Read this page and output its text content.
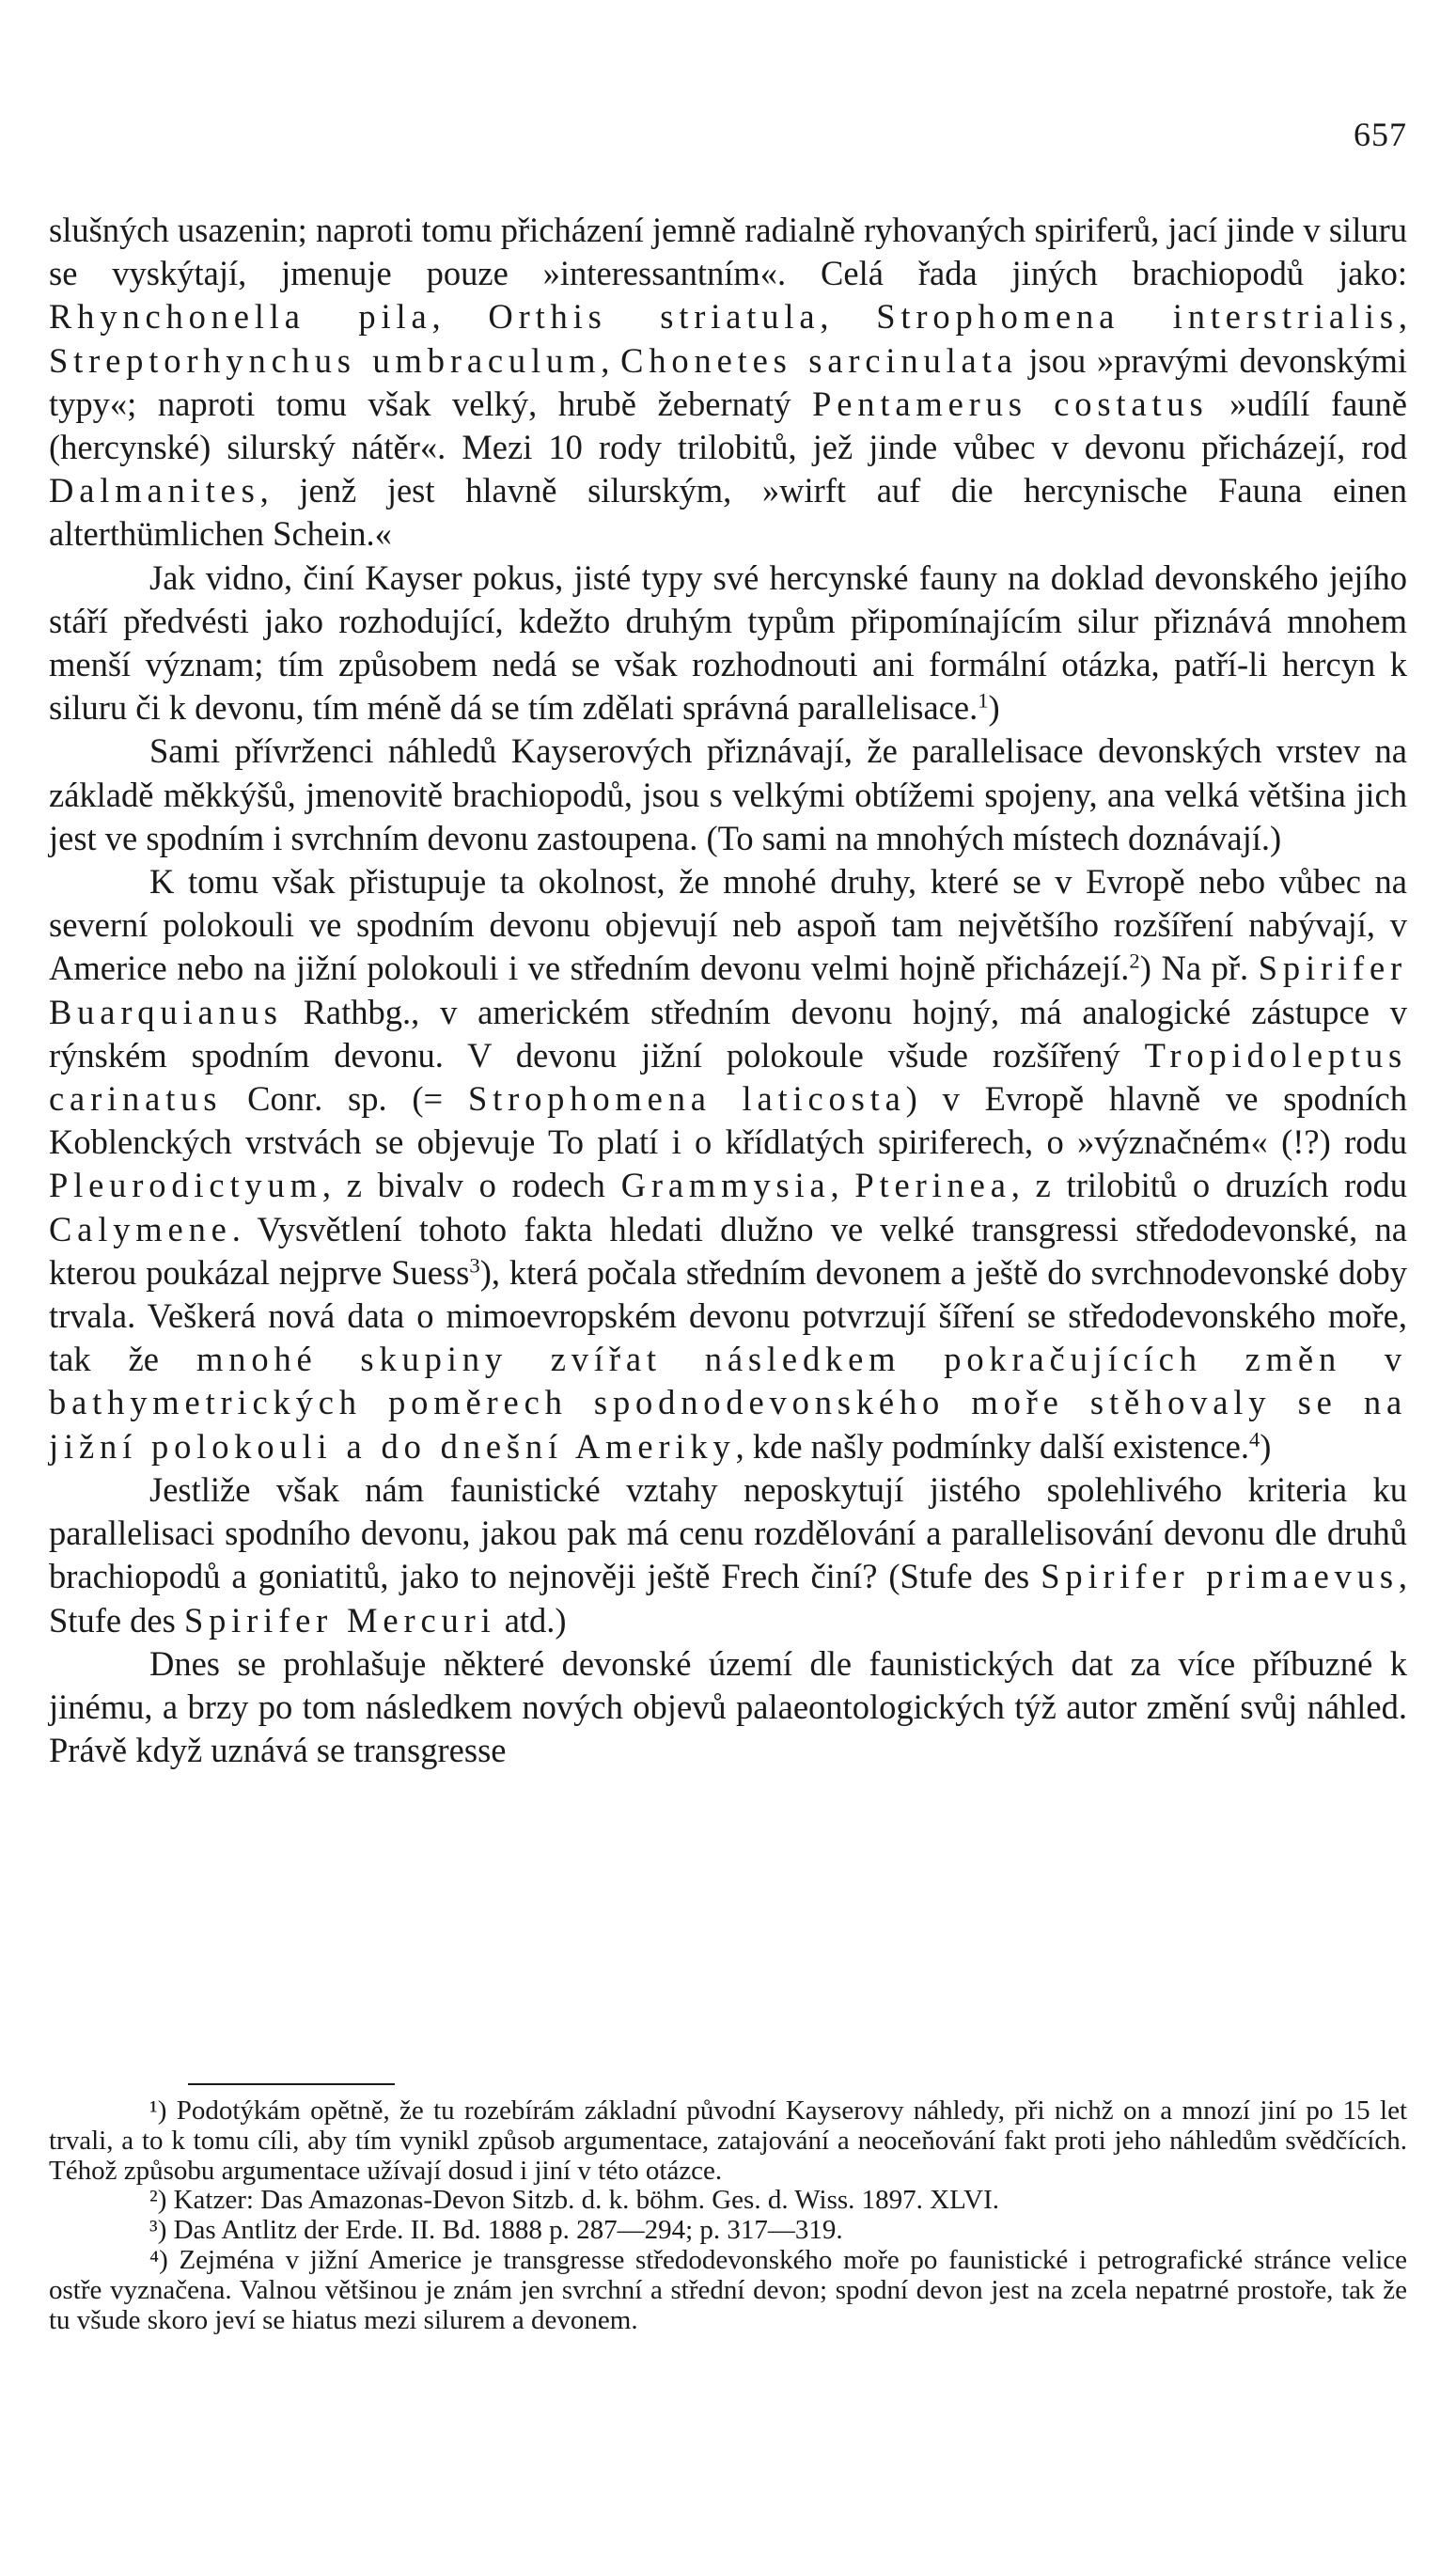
657

slušných usazenin; naproti tomu přicházení jemně radialně ryhovaných spiriferů, jací jinde v siluru se vyskýtají, jmenuje pouze »interessantním«. Celá řada jiných brachiopodů jako: Rhynchonella pila, Orthis striatula, Strophomena interstrialis, Streptorhynchus umbraculum, Chonetes sarcinulata jsou »pravými devonskými typy«; naproti tomu však velký, hrubě žebernatý Pentamerus costatus »udílí fauně (hercynské) silurský nátěr«. Mezi 10 rody trilobitů, jež jinde vůbec v devonu přicházejí, rod Dalmanites, jenž jest hlavně silurským, »wirft auf die hercynische Fauna einen alterthümlichen Schein.«

Jak vidno, činí Kayser pokus, jisté typy své hercynské fauny na doklad devonského jejího stáří předvésti jako rozhodující, kdežto druhým typům připomínajícím silur přiznává mnohem menší význam; tím způsobem nedá se však rozhodnouti ani formální otázka, patří-li hercyn k siluru či k devonu, tím méně dá se tím zdělati správná parallelisace.$^1$)

Sami přívrženci náhledů Kayserových přiznávají, že parallelisace devonských vrstev na základě měkkýšů, jmenovitě brachiopodů, jsou s velkými obtížemi spojeny, ana velká většina jich jest ve spodním i svrchním devonu zastoupena. (To sami na mnohých místech doznávají.)

K tomu však přistupuje ta okolnost, že mnohé druhy, které se v Evropě nebo vůbec na severní polokouli ve spodním devonu objevují neb aspoň tam největšího rozšíření nabývají, v Americe nebo na jižní polokouli i ve středním devonu velmi hojně přicházejí.$^2$) Na př. Spirifer Buarquianus Rathbg., v americkém středním devonu hojný, má analogické zástupce v rýnském spodním devonu. V devonu jižní polokoule všude rozšířený Tropidoleptus carinatus Conr. sp. (= Strophomena laticosta) v Evropě hlavně ve spodních Koblenckých vrstvách se objevuje To platí i o křídlatých spiriferech, o »význačném« (!?) rodu Pleurodictyum, z bivalv o rodech Grammysia, Pterinea, z trilobitů o druzích rodu Calymene. Vysvětlení tohoto fakta hledati dlužno ve velké transgressi středodevonské, na kterou poukázal nejprve Suess$^3$), která počala středním devonem a ještě do svrchnodevonské doby trvala. Veškerá nová data o mimoevropském devonu potvrzují šíření se středodevonského moře, tak že mnohé skupiny zvířat následkem pokračujících změn v bathymetrických poměrech spodnodevonského moře stěhovaly se na jižní polokouli a do dnešní Ameriky, kde našly podmínky další existence.$^4$)

Jestliže však nám faunistické vztahy neposkytují jistého spolehlivého kriteria ku parallelisaci spodního devonu, jakou pak má cenu rozdělování a parallelisování devonu dle druhů brachiopodů a goniatitů, jako to nejnověji ještě Frech činí? (Stufe des Spirifer primaevus, Stufe des Spirifer Mercuri atd.)

Dnes se prohlašuje některé devonské území dle faunistických dat za více příbuzné k jinému, a brzy po tom následkem nových objevů palaeontologických týž autor změní svůj náhled. Právě když uznává se transgresse

¹) Podotýkám opětně, že tu rozebírám základní původní Kayserovy náhledy, při nichž on a mnozí jiní po 15 let trvali, a to k tomu cíli, aby tím vynikl způsob argumentace, zatajování a neoceňování fakt proti jeho náhledům svědčících. Téhož způsobu argumentace užívají dosud i jiní v této otázce.

²) Katzer: Das Amazonas-Devon Sitzb. d. k. böhm. Ges. d. Wiss. 1897. XLVI.

³) Das Antlitz der Erde. II. Bd. 1888 p. 287—294; p. 317—319.

⁴) Zejména v jižní Americe je transgresse středodevonského moře po faunistické i petrografické stránce velice ostře vyznačena. Valnou většinou je znám jen svrchní a střední devon; spodní devon jest na zcela nepatrné prostoře, tak že tu všude skoro jeví se hiatus mezi silurem a devonem.
